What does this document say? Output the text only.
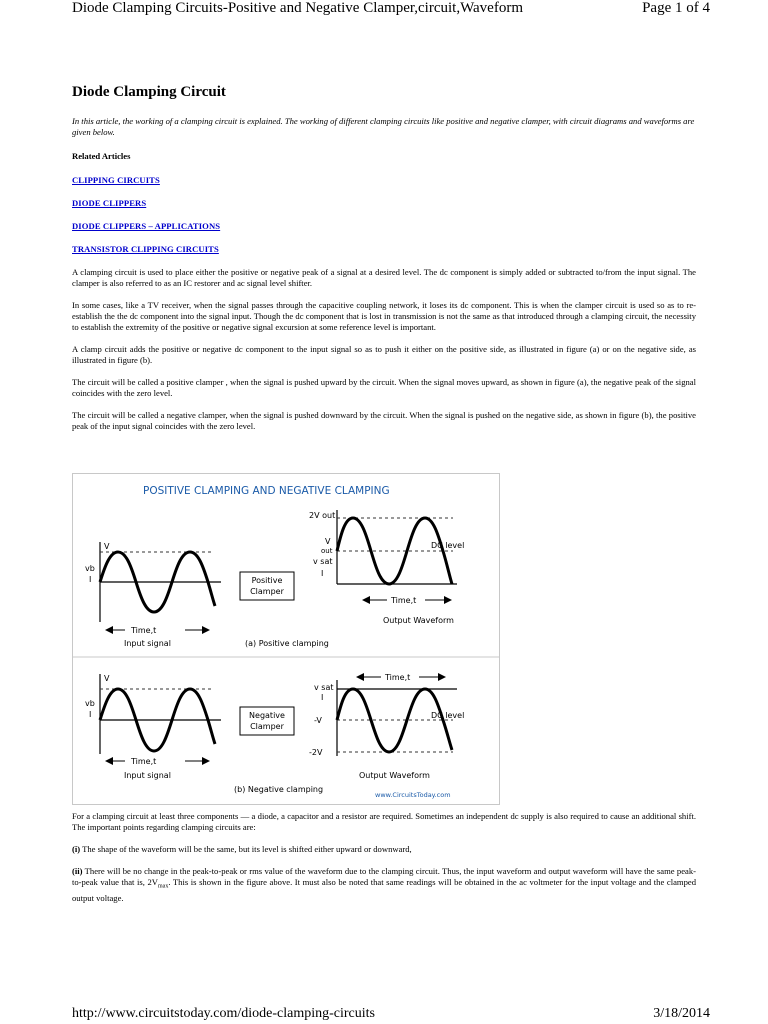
Diode Clamping Circuits-Positive and Negative Clamper,circuit,Waveform	Page 1 of 4
Diode Clamping Circuit

In this article, the working of a clamping circuit is explained. The working of different clamping circuits like positive and negative clamper, with circuit diagrams and waveforms are given below.

Related Articles

CLIPPING CIRCUITS
DIODE CLIPPERS
DIODE CLIPPERS – APPLICATIONS
TRANSISTOR CLIPPING CIRCUITS

A clamping circuit is used to place either the positive or negative peak of a signal at a desired level. The dc component is simply added or subtracted to/from the input signal. The clamper is also referred to as an IC restorer and ac signal level shifter.

In some cases, like a TV receiver, when the signal passes through the capacitive coupling network, it loses its dc component. This is when the clamper circuit is used so as to re-establish the the dc component into the signal input. Though the dc component that is lost in transmission is not the same as that introduced through a clamping circuit, the necessity to establish the extremity of the positive or negative signal excursion at some reference level is important.

A clamp circuit adds the positive or negative dc component to the input signal so as to push it either on the positive side, as illustrated in figure (a) or on the negative side, as illustrated in figure (b).

The circuit will be called a positive clamper , when the signal is pushed upward by the circuit. When the signal moves upward, as shown in figure (a), the negative peak of the signal coincides with the zero level.

The circuit will be called a negative clamper, when the signal is pushed downward by the circuit. When the signal is pushed on the negative side, as shown in figure (b), the positive peak of the input signal coincides with the zero level.

POSITIVE CLAMPING AND NEGATIVE CLAMPING
V
vb
I
Time,t
Input signal
Positive
Clamper
(a) Positive clamping
2V out
V
out
v sat
I
DC level
Time,t
Output Waveform
V
vb
I
Time,t
Input signal
Negative
Clamper
(b) Negative clamping
Time,t
v sat
I
-V
-2V
DC level
Output Waveform
www.CircuitsToday.com

For a clamping circuit at least three components — a diode, a capacitor and a resistor are required. Sometimes an independent dc supply is also required to cause an additional shift. The important points regarding clamping circuits are:

(i) The shape of the waveform will be the same, but its level is shifted either upward or downward,

(ii) There will be no change in the peak-to-peak or rms value of the waveform due to the clamping circuit. Thus, the input waveform and output waveform will have the same peak-to-peak value that is, $2V_{max}$. This is shown in the figure above. It must also be noted that same readings will be obtained in the ac voltmeter for the input voltage and the clamped output voltage.

http://www.circuitstoday.com/diode-clamping-circuits	3/18/2014
